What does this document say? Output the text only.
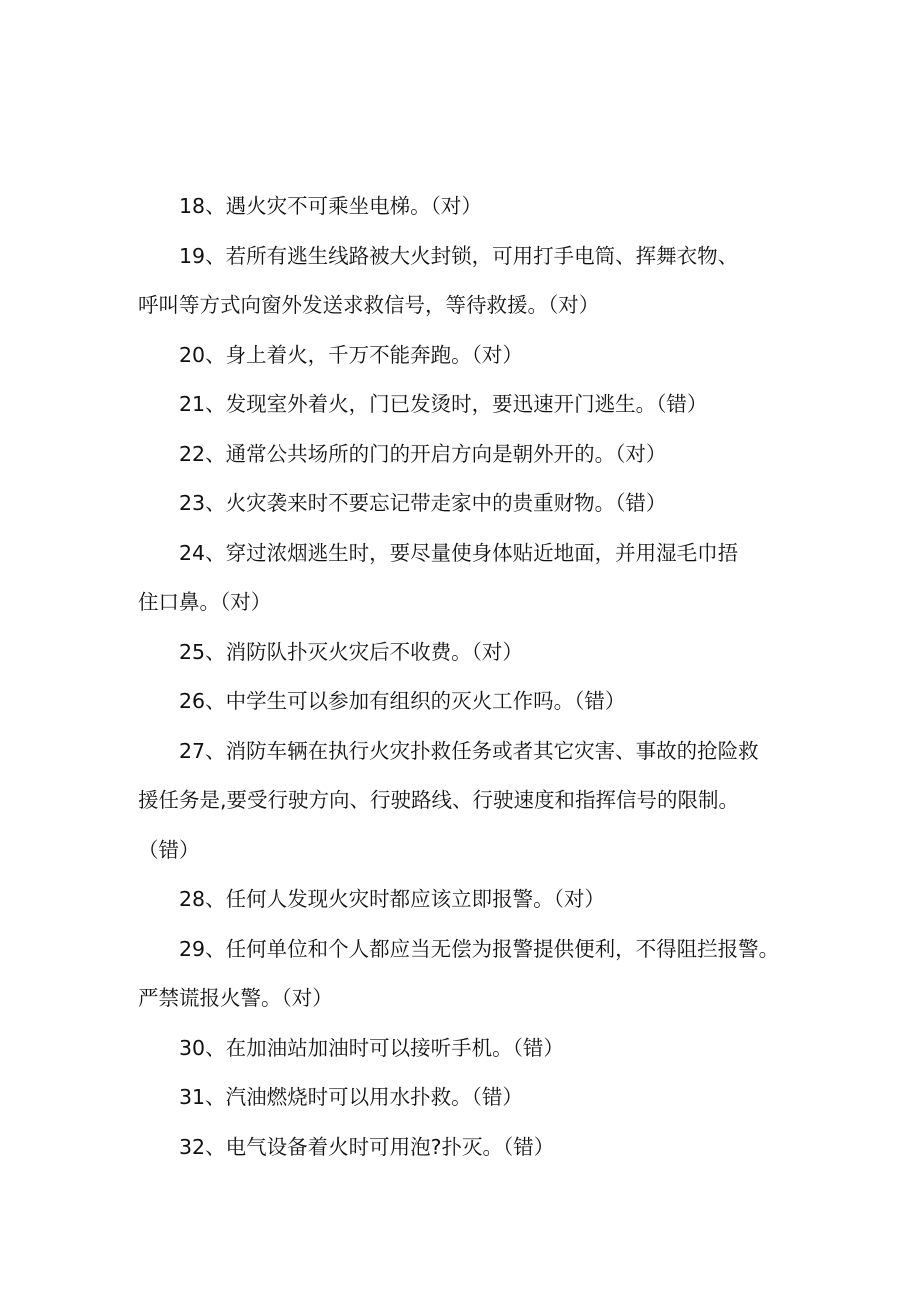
18、遇火灾不可乘坐电梯。（对）

19、若所有逃生线路被大火封锁，可用打手电筒、挥舞衣物、
呼叫等方式向窗外发送求救信号，等待救援。（对）

20、身上着火，千万不能奔跑。（对）

21、发现室外着火，门已发烫时，要迅速开门逃生。（错）

22、通常公共场所的门的开启方向是朝外开的。（对）

23、火灾袭来时不要忘记带走家中的贵重财物。（错）

24、穿过浓烟逃生时，要尽量使身体贴近地面，并用湿毛巾捂
住口鼻。（对）

25、消防队扑灭火灾后不收费。（对）

26、中学生可以参加有组织的灭火工作吗。（错）

27、消防车辆在执行火灾扑救任务或者其它灾害、事故的抢险救
援任务是,要受行驶方向、行驶路线、行驶速度和指挥信号的限制。
（错）

28、任何人发现火灾时都应该立即报警。（对）

29、任何单位和个人都应当无偿为报警提供便利，不得阻拦报警。
严禁谎报火警。（对）

30、在加油站加油时可以接听手机。（错）

31、汽油燃烧时可以用水扑救。（错）

32、电气设备着火时可用泡?扑灭。（错）
